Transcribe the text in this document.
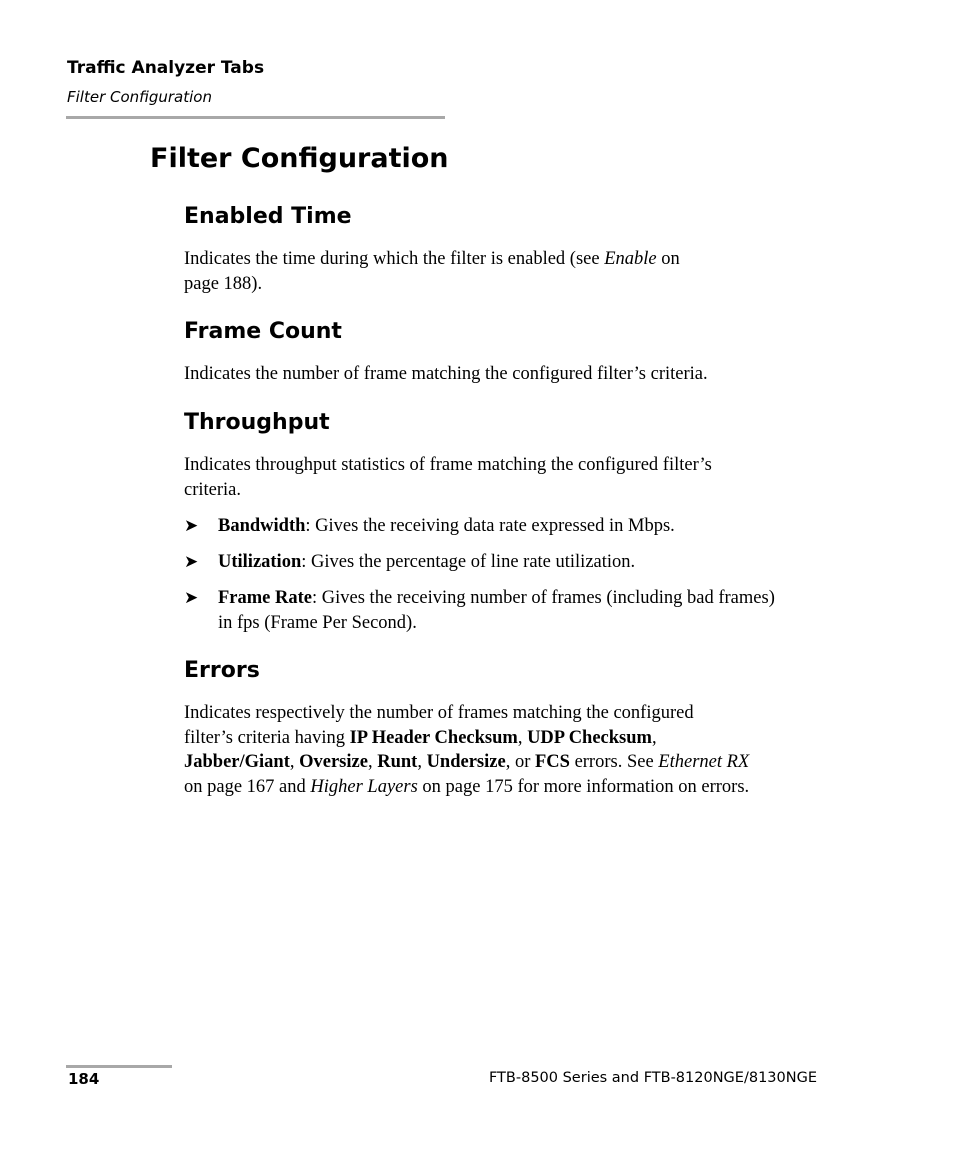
Traffic Analyzer Tabs
Filter Configuration
Filter Configuration
Enabled Time
Indicates the time during which the filter is enabled (see Enable on
page 188).
Frame Count
Indicates the number of frame matching the configured filter’s criteria.
Throughput
Indicates throughput statistics of frame matching the configured filter’s
criteria.
➤	Bandwidth: Gives the receiving data rate expressed in Mbps.
➤	Utilization: Gives the percentage of line rate utilization.
➤	Frame Rate: Gives the receiving number of frames (including bad frames) in fps (Frame Per Second).
Errors
Indicates respectively the number of frames matching the configured
filter’s criteria having IP Header Checksum, UDP Checksum,
Jabber/Giant, Oversize, Runt, Undersize, or FCS errors. See Ethernet RX
on page 167 and Higher Layers on page 175 for more information on errors.
184	FTB-8500 Series and FTB-8120NGE/8130NGE
